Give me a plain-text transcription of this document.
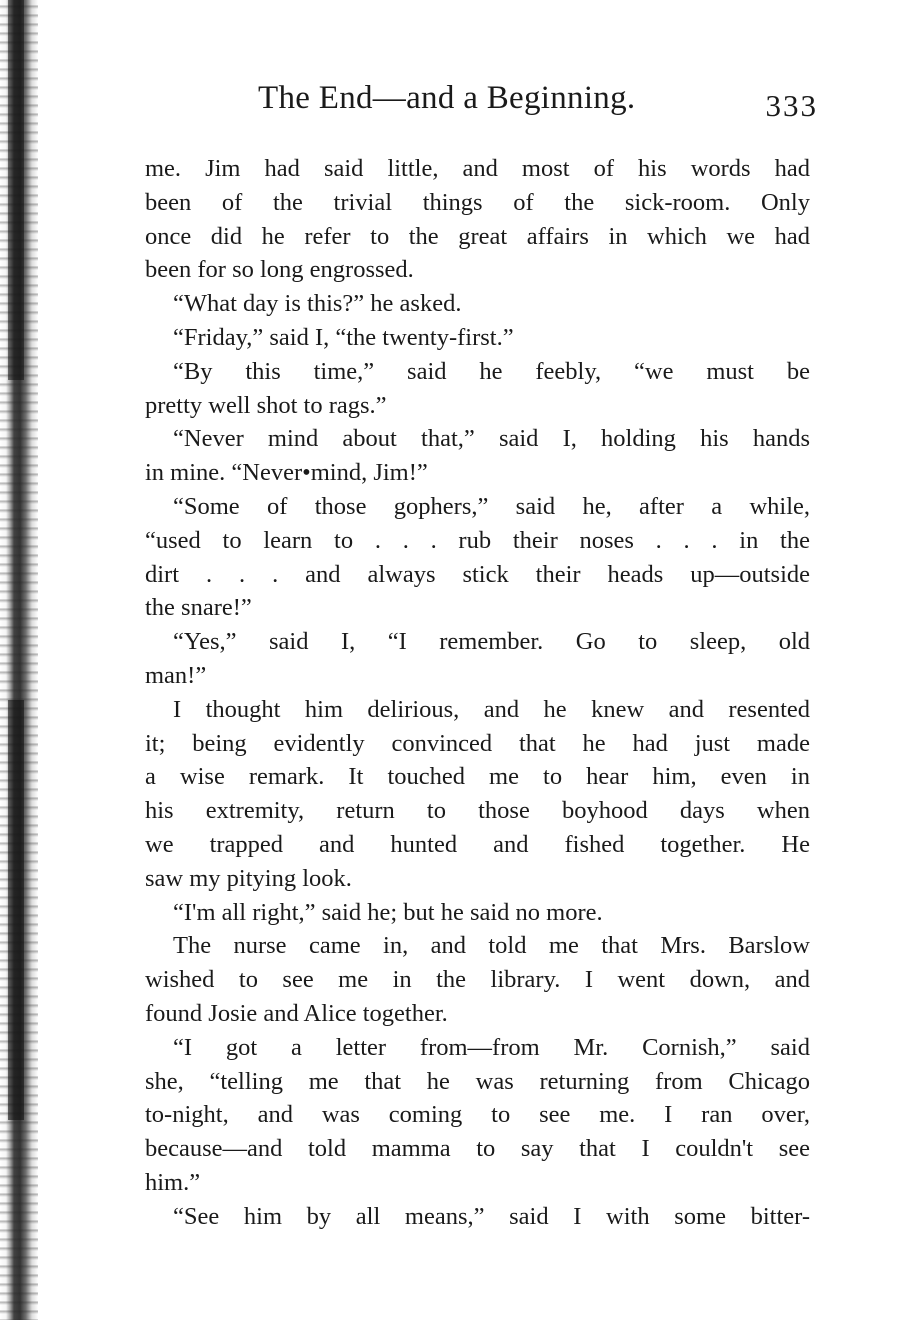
The End—and a Beginning.	333
me. Jim had said little, and most of his words had
been of the trivial things of the sick-room. Only
once did he refer to the great affairs in which we had
been for so long engrossed.
“What day is this?” he asked.
“Friday,” said I, “the twenty-first.”
“By this time,” said he feebly, “we must be
pretty well shot to rags.”
“Never mind about that,” said I, holding his hands
in mine. “Never•mind, Jim!”
“Some of those gophers,” said he, after a while,
“used to learn to . . . rub their noses . . . in the
dirt . . . and always stick their heads up—outside
the snare!”
“Yes,” said I, “I remember. Go to sleep, old
man!”
I thought him delirious, and he knew and resented
it; being evidently convinced that he had just made
a wise remark. It touched me to hear him, even in
his extremity, return to those boyhood days when
we trapped and hunted and fished together. He
saw my pitying look.
“I'm all right,” said he; but he said no more.
The nurse came in, and told me that Mrs. Barslow
wished to see me in the library. I went down, and
found Josie and Alice together.
“I got a letter from—from Mr. Cornish,” said
she, “telling me that he was returning from Chicago
to-night, and was coming to see me. I ran over,
because—and told mamma to say that I couldn't see
him.”
“See him by all means,” said I with some bitter-
